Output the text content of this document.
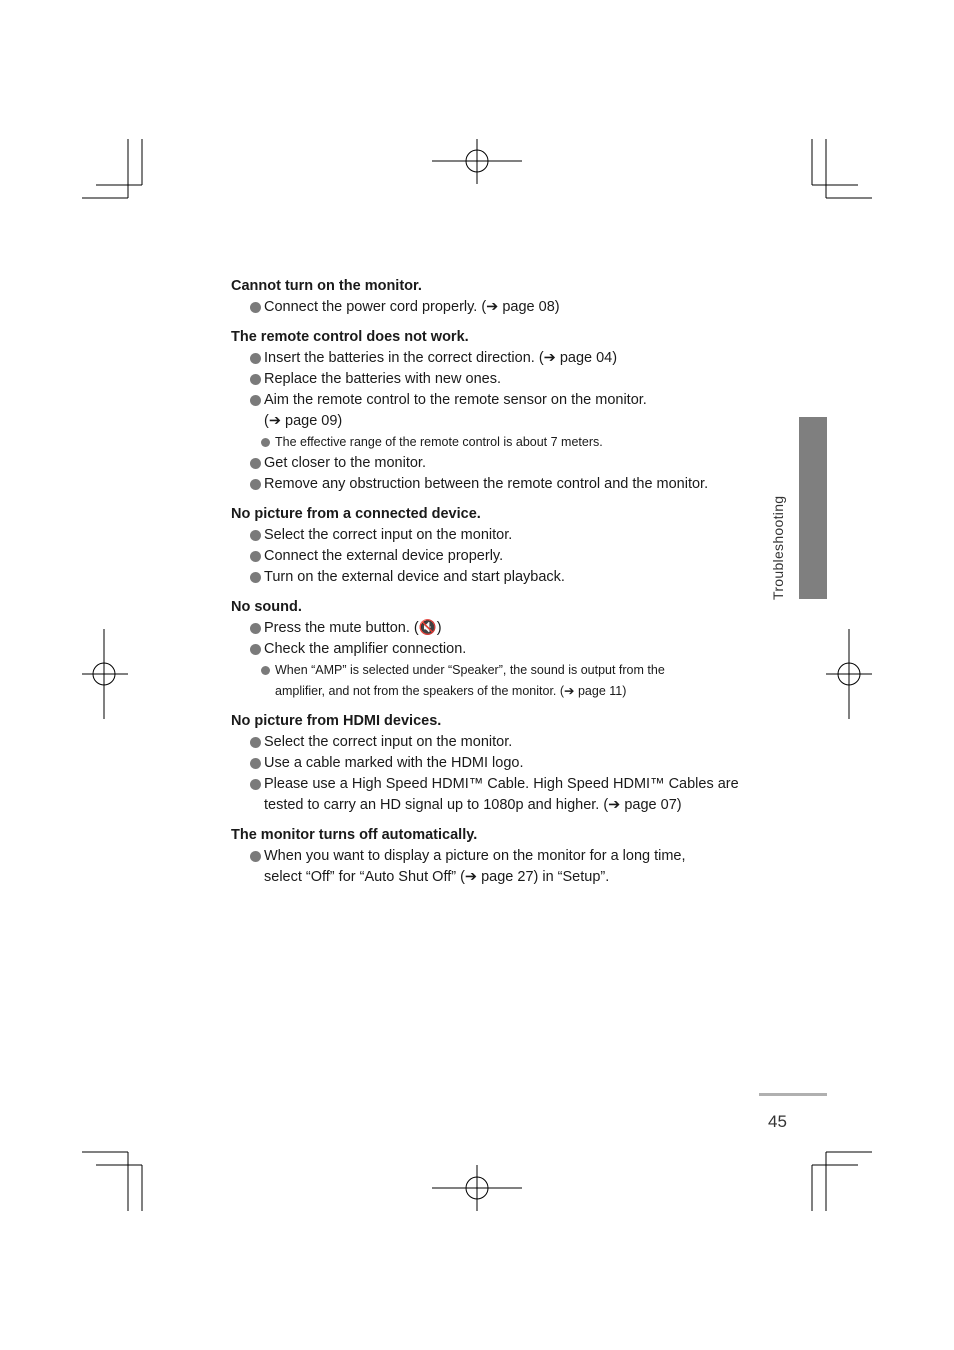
Cannot turn on the monitor.
Connect the power cord properly. (➔ page 08)
The remote control does not work.
Insert the batteries in the correct direction. (➔ page 04)
Replace the batteries with new ones.
Aim the remote control to the remote sensor on the monitor.
(➔ page 09)
The effective range of the remote control is about 7 meters.
Get closer to the monitor.
Remove any obstruction between the remote control and the monitor.
No picture from a connected device.
Select the correct input on the monitor.
Connect the external device properly.
Turn on the external device and start playback.
No sound.
Press the mute button. (🔇)
Check the amplifier connection.
When “AMP” is selected under “Speaker”, the sound is output from the
amplifier, and not from the speakers of the monitor. (➔ page 11)
No picture from HDMI devices.
Select the correct input on the monitor.
Use a cable marked with the HDMI logo.
Please use a High Speed HDMI™ Cable. High Speed HDMI™ Cables are
tested to carry an HD signal up to 1080p and higher. (➔ page 07)
The monitor turns off automatically.
When you want to display a picture on the monitor for a long time,
select “Off” for “Auto Shut Off” (➔ page 27) in “Setup”.
Troubleshooting
45
